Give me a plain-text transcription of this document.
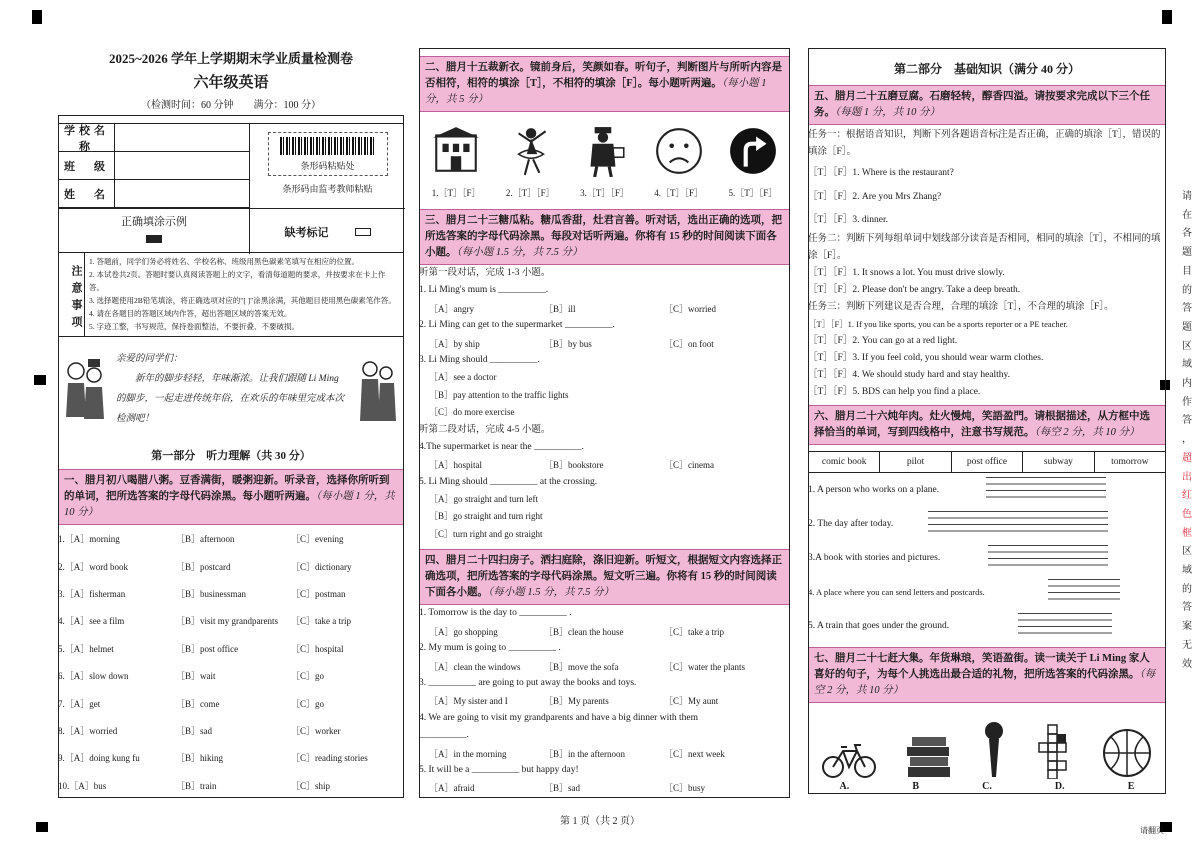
2025~2026 学年上学期期末学业质量检测卷
六年级英语
（检测时间：60 分钟　　满分：100 分）
学校名称
班　级
姓　名
条形码粘贴处
条形码由监考教师粘贴
正确填涂示例
缺考标记
注意事项
1. 答题前，同学们务必将姓名、学校名称、班级用黑色碳素笔填写在相应的位置。
2. 本试卷共2页。答题时要认真阅读答题上的文字，看清每道题的要求，并按要求在卡上作答。
3. 选择题使用2B铅笔填涂，将正确选项对应的"[ ]"涂黑涂满，其他题目使用黑色碳素笔作答。
4. 请在各题目的答题区域内作答，超出答题区域的答案无效。
5. 字迹工整，书写规范，保持卷面整洁，不要折叠、不要破损。
亲爱的同学们：
新年的脚步轻轻，年味渐浓。让我们跟随 Li Ming 的脚步，一起走进传统年俗，在欢乐的年味里完成本次检测吧！
第一部分　听力理解（共 30 分）
一、腊月初八喝腊八粥。豆香满街，暖粥迎新。听录音，选择你所听到的单词，把所选答案的字母代码涂黑。每小题听两遍。（每小题 1 分，共 10 分）
1.［A］morning	［B］afternoon	［C］evening
2.［A］word book	［B］postcard	［C］dictionary
3.［A］fisherman	［B］businessman	［C］postman
4.［A］see a film	［B］visit my grandparents	［C］take a trip
5.［A］helmet	［B］post office	［C］hospital
6.［A］slow down	［B］wait	［C］go
7.［A］get	［B］come	［C］go
8.［A］worried	［B］sad	［C］worker
9.［A］doing kung fu	［B］hiking	［C］reading stories
10.［A］bus	［B］train	［C］ship
二、腊月十五裁新衣。镜前身后，笑颜如春。听句子，判断图片与所听内容是否相符，相符的填涂［T］，不相符的填涂［F］。每小题听两遍。（每小题 1 分，共 5 分）
1.［T］［F］	2.［T］［F］	3.［T］［F］	4.［T］［F］	5.［T］［F］
三、腊月二十三糖瓜粘。糖瓜香甜，灶君言善。听对话，选出正确的选项，把所选答案的字母代码涂黑。每段对话听两遍。你将有 15 秒的时间阅读下面各小题。（每小题 1.5 分，共 7.5 分）
听第一段对话，完成 1-3 小题。
1. Li Ming's mum is __________.
［A］angry	［B］ill	［C］worried
2. Li Ming can get to the supermarket __________.
［A］by ship	［B］by bus	［C］on foot
3. Li Ming should __________.
［A］see a doctor
［B］pay attention to the traffic lights
［C］do more exercise
听第二段对话，完成 4-5 小题。
4.The supermarket is near the __________.
［A］hospital	［B］bookstore	［C］cinema
5. Li Ming should __________ at the crossing.
［A］go straight and turn left
［B］go straight and turn right
［C］turn right and go straight
四、腊月二十四扫房子。洒扫庭除，涤旧迎新。听短文，根据短文内容选择正确选项，把所选答案的字母代码涂黑。短文听三遍。你将有 15 秒的时间阅读下面各小题。（每小题 1.5 分，共 7.5 分）
1. Tomorrow is the day to __________ .
［A］go shopping	［B］clean the house	［C］take a trip
2. My mum is going to __________ .
［A］clean the windows	［B］move the sofa	［C］water the plants
3. __________ are going to put away the books and toys.
［A］My sister and I	［B］My parents	［C］My aunt
4. We are going to visit my grandparents and have a big dinner with them
__________.
［A］in the morning	［B］in the afternoon	［C］next week
5. It will be a __________ but happy day!
［A］afraid	［B］sad	［C］busy
第二部分　基础知识（满分 40 分）
五、腊月二十五磨豆腐。石磨轻转，醇香四溢。请按要求完成以下三个任务。（每题 1 分，共 10 分）
任务一：根据语音知识，判断下列各题语音标注是否正确，正确的填涂［T］，错误的填涂［F］。
［T］［F］1. Where is the restaurant?
［T］［F］2. Are you Mrs Zhang?
［T］［F］3. dinner.
任务二：判断下列每组单词中划线部分读音是否相同，相同的填涂［T］，不相同的填涂［F］。
［T］［F］1. It snows a lot. You must drive slowly.
［T］［F］2. Please don't be angry. Take a deep breath.
任务三：判断下列建议是否合理，合理的填涂［T］，不合理的填涂［F］。
［T］［F］1. If you like sports, you can be a sports reporter or a PE teacher.
［T］［F］2. You can go at a red light.
［T］［F］3. If you feel cold, you should wear warm clothes.
［T］［F］4. We should study hard and stay healthy.
［T］［F］5. BDS can help you find a place.
六、腊月二十六炖年肉。灶火慢炖，笑語盈門。请根据描述，从方框中选择恰当的单词，写到四线格中，注意书写规范。（每空 2 分，共 10 分）
comic book	pilot	post office	subway	tomorrow
1. A person who works on a plane.
2. The day after today.
3.A book with stories and pictures.
4. A place where you can send letters and postcards.
5. A train that goes under the ground.
七、腊月二十七赶大集。年货琳琅，笑语盈街。读一读关于 Li Ming 家人喜好的句子，为每个人挑选出最合适的礼物，把所选答案的代码涂黑。（每空 2 分，共 10 分）
A.	B	C.	D.	E
请翻页
请
在
各
题
目
的
答
题
区
域
内
作
答
，
超
出
红
色
框
区
域
的
答
案
无
效
第 1 页（共 2 页）
